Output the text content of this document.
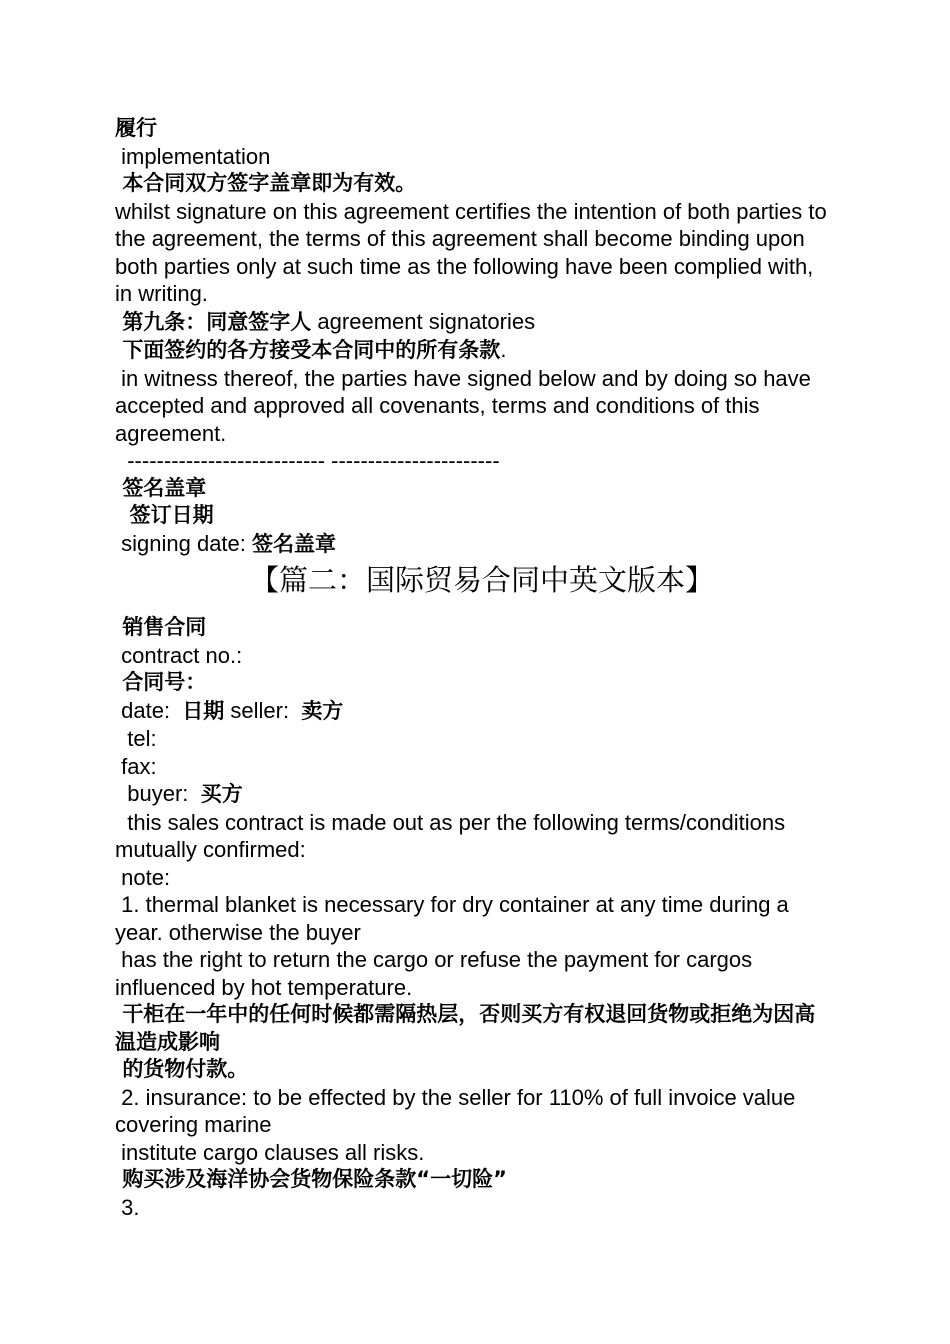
履行
implementation
本合同双方签字盖章即为有效。
whilst signature on this agreement certifies the intention of both parties to the agreement, the terms of this agreement shall become binding upon both parties only at such time as the following have been complied with, in writing.
第九条：同意签字人 agreement signatories
下面签约的各方接受本合同中的所有条款.
in witness thereof, the parties have signed below and by doing so have accepted and approved all covenants, terms and conditions of this agreement.
--------------------------- -----------------------
签名盖章
签订日期
signing date: 签名盖章
【篇二：国际贸易合同中英文版本】
销售合同
contract no.:
合同号：
date:  日期 seller:  卖方
tel:
fax:
buyer:  买方
this sales contract is made out as per the following terms/conditions mutually confirmed:
note:
1. thermal blanket is necessary for dry container at any time during a year. otherwise the buyer
has the right to return the cargo or refuse the payment for cargos influenced by hot temperature.
干柜在一年中的任何时候都需隔热层，否则买方有权退回货物或拒绝为因高温造成影响
的货物付款。
2. insurance: to be effected by the seller for 110% of full invoice value covering marine
institute cargo clauses all risks.
购买涉及海洋协会货物保险条款“一切险”
3.
